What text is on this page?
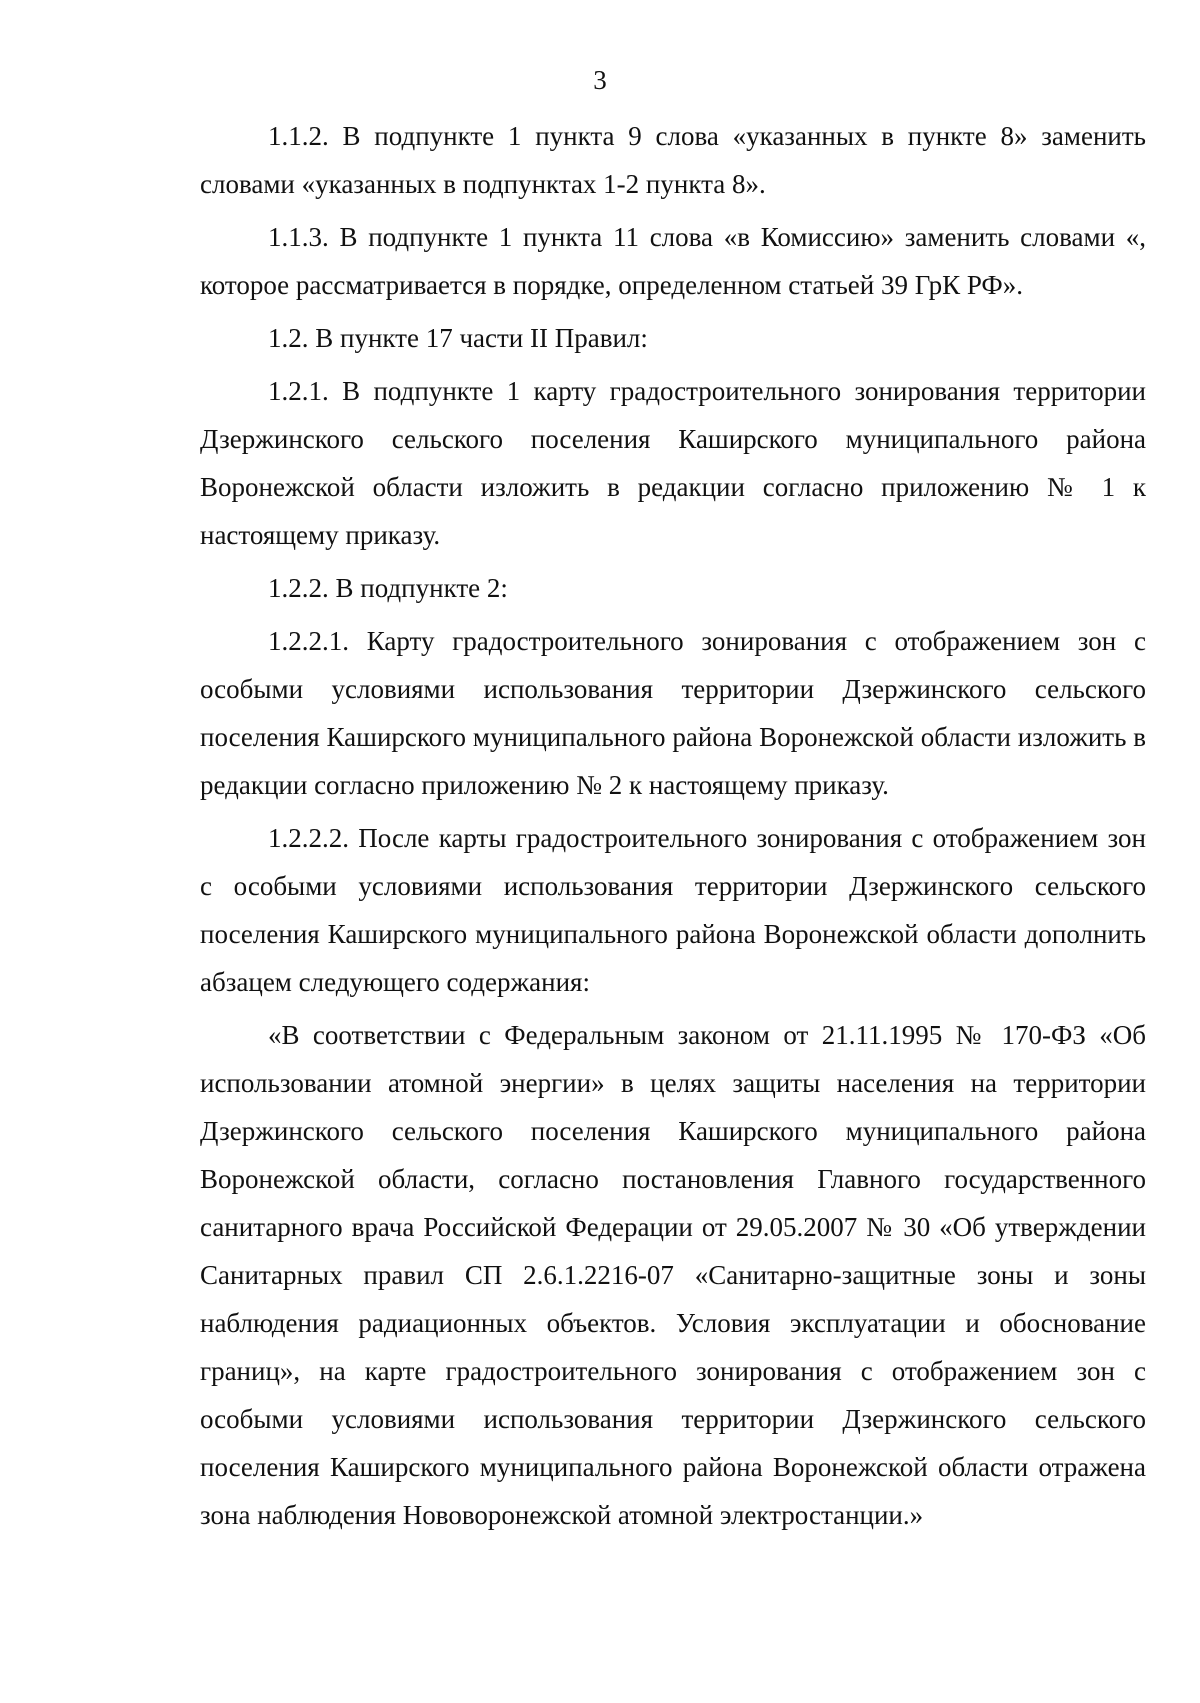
3

1.1.2. В подпункте 1 пункта 9 слова «указанных в пункте 8» заменить словами «указанных в подпунктах 1-2 пункта 8».

1.1.3. В подпункте 1 пункта 11 слова «в Комиссию» заменить словами «, которое рассматривается в порядке, определенном статьей 39 ГрК РФ».

1.2. В пункте 17 части II Правил:

1.2.1. В подпункте 1 карту градостроительного зонирования территории Дзержинского сельского поселения Каширского муниципального района Воронежской области изложить в редакции согласно приложению № 1 к настоящему приказу.

1.2.2. В подпункте 2:

1.2.2.1. Карту градостроительного зонирования с отображением зон с особыми условиями использования территории Дзержинского сельского поселения Каширского муниципального района Воронежской области изложить в редакции согласно приложению № 2 к настоящему приказу.

1.2.2.2. После карты градостроительного зонирования с отображением зон с особыми условиями использования территории Дзержинского сельского поселения Каширского муниципального района Воронежской области дополнить абзацем следующего содержания:

«В соответствии с Федеральным законом от 21.11.1995 № 170-ФЗ «Об использовании атомной энергии» в целях защиты населения на территории Дзержинского сельского поселения Каширского муниципального района Воронежской области, согласно постановления Главного государственного санитарного врача Российской Федерации от 29.05.2007 № 30 «Об утверждении Санитарных правил СП 2.6.1.2216-07 «Санитарно-защитные зоны и зоны наблюдения радиационных объектов. Условия эксплуатации и обоснование границ», на карте градостроительного зонирования с отображением зон с особыми условиями использования территории Дзержинского сельского поселения Каширского муниципального района Воронежской области отражена зона наблюдения Нововоронежской атомной электростанции.»
